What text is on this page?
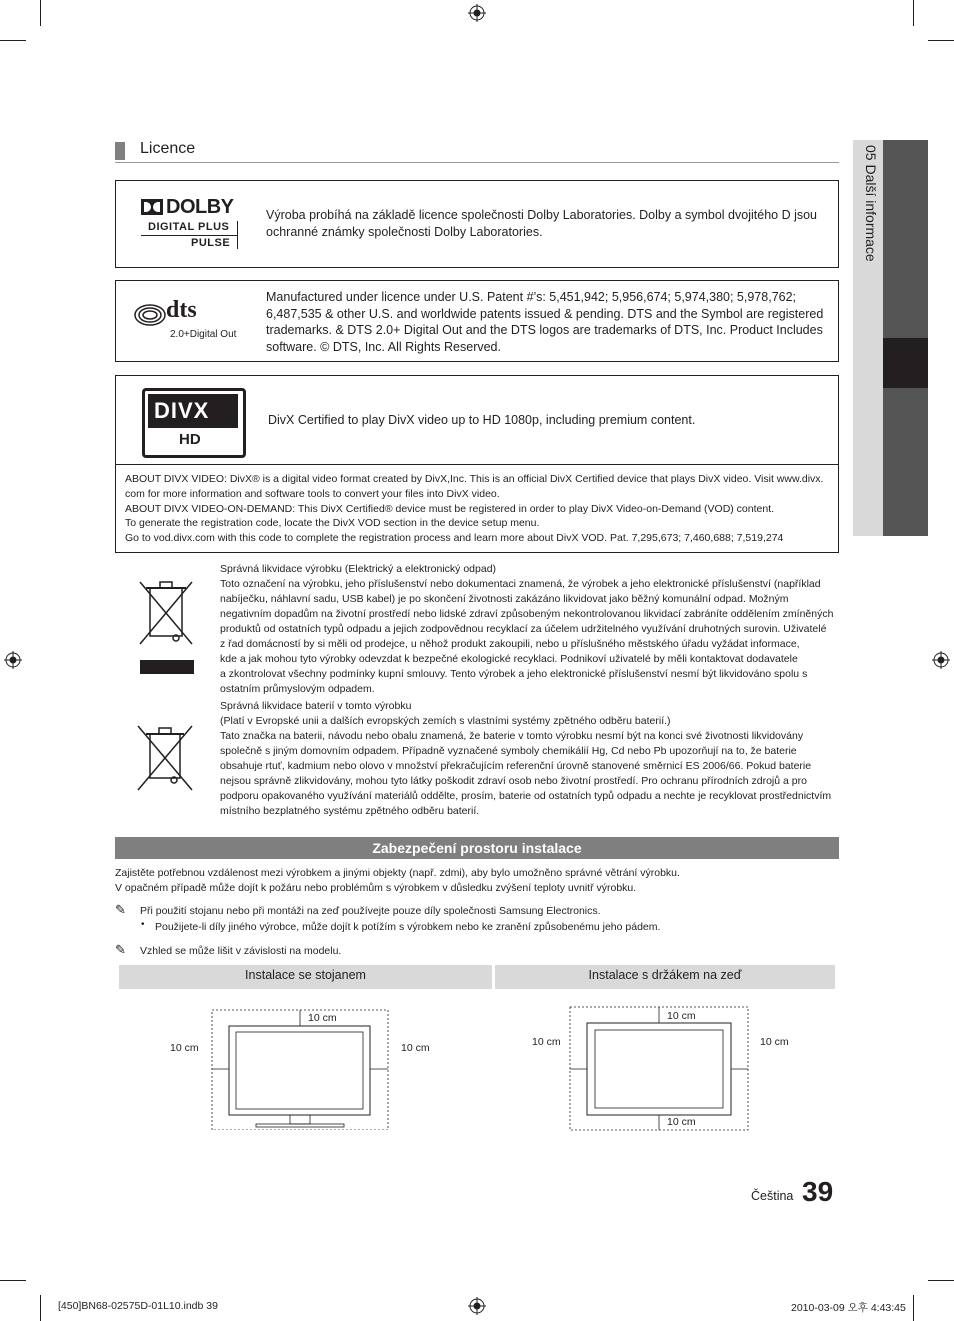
05 Další informace
Licence
DOLBY
DIGITAL PLUS
PULSE
Výroba probíhá na základě licence společnosti Dolby Laboratories. Dolby a symbol dvojitého D jsou ochranné známky společnosti Dolby Laboratories.
dts
2.0+Digital Out
Manufactured under licence under U.S. Patent #’s: 5,451,942; 5,956,674; 5,974,380; 5,978,762; 6,487,535 & other U.S. and worldwide patents issued & pending. DTS and the Symbol are registered trademarks. & DTS 2.0+ Digital Out and the DTS logos are trademarks of DTS, Inc. Product Includes software. © DTS, Inc. All Rights Reserved.
DIVX
HD
DivX Certified to play DivX video up to HD 1080p, including premium content.
ABOUT DIVX VIDEO: DivX® is a digital video format created by DivX,Inc. This is an official DivX Certified device that plays DivX video. Visit www.divx.
com for more information and software tools to convert your files into DivX video.
ABOUT DIVX VIDEO-ON-DEMAND: This DivX Certified® device must be registered in order to play DivX Video-on-Demand (VOD) content.
To generate the registration code, locate the DivX VOD section in the device setup menu.
Go to vod.divx.com with this code to complete the registration process and learn more about DivX VOD. Pat. 7,295,673; 7,460,688; 7,519,274
Správná likvidace výrobku (Elektrický a elektronický odpad)
Toto označení na výrobku, jeho příslušenství nebo dokumentaci znamená, že výrobek a jeho elektronické příslušenství (například
nabíječku, náhlavní sadu, USB kabel) je po skončení životnosti zakázáno likvidovat jako běžný komunální odpad. Možným
negativním dopadům na životní prostředí nebo lidské zdraví způsobeným nekontrolovanou likvidací zabráníte oddělením zmíněných
produktů od ostatních typů odpadu a jejich zodpovědnou recyklací za účelem udržitelného využívání druhotných surovin. Uživatelé
z řad domácností by si měli od prodejce, u něhož produkt zakoupili, nebo u příslušného městského úřadu vyžádat informace,
kde a jak mohou tyto výrobky odevzdat k bezpečné ekologické recyklaci. Podnikoví uživatelé by měli kontaktovat dodavatele
a zkontrolovat všechny podmínky kupní smlouvy. Tento výrobek a jeho elektronické příslušenství nesmí být likvidováno spolu s
ostatním průmyslovým odpadem.
Správná likvidace baterií v tomto výrobku
(Platí v Evropské unii a dalších evropských zemích s vlastními systémy zpětného odběru baterií.)
Tato značka na baterii, návodu nebo obalu znamená, že baterie v tomto výrobku nesmí být na konci své životnosti likvidovány
společně s jiným domovním odpadem. Případně vyznačené symboly chemikálií Hg, Cd nebo Pb upozorňují na to, že baterie
obsahuje rtuť, kadmium nebo olovo v množství překračujícím referenční úrovně stanovené směrnicí ES 2006/66. Pokud baterie
nejsou správně zlikvidovány, mohou tyto látky poškodit zdraví osob nebo životní prostředí. Pro ochranu přírodních zdrojů a pro
podporu opakovaného využívání materiálů oddělte, prosím, baterie od ostatních typů odpadu a nechte je recyklovat prostřednictvím
místního bezplatného systému zpětného odběru baterií.
Zabezpečení prostoru instalace
Zajistěte potřebnou vzdálenost mezi výrobkem a jinými objekty (např. zdmi), aby bylo umožněno správné větrání výrobku.
V opačném případě může dojít k požáru nebo problémům s výrobkem v důsledku zvýšení teploty uvnitř výrobku.
✎ Při použití stojanu nebo při montáži na zeď používejte pouze díly společnosti Samsung Electronics.
• Použijete-li díly jiného výrobce, může dojít k potížím s výrobkem nebo ke zranění způsobenému jeho pádem.
✎ Vzhled se může lišit v závislosti na modelu.
Instalace se stojanem	Instalace s držákem na zeď
10 cm
10 cm	10 cm
10 cm
10 cm	10 cm
10 cm
Čeština 39
[450]BN68-02575D-01L10.indb 39	2010-03-09 오후 4:43:45
